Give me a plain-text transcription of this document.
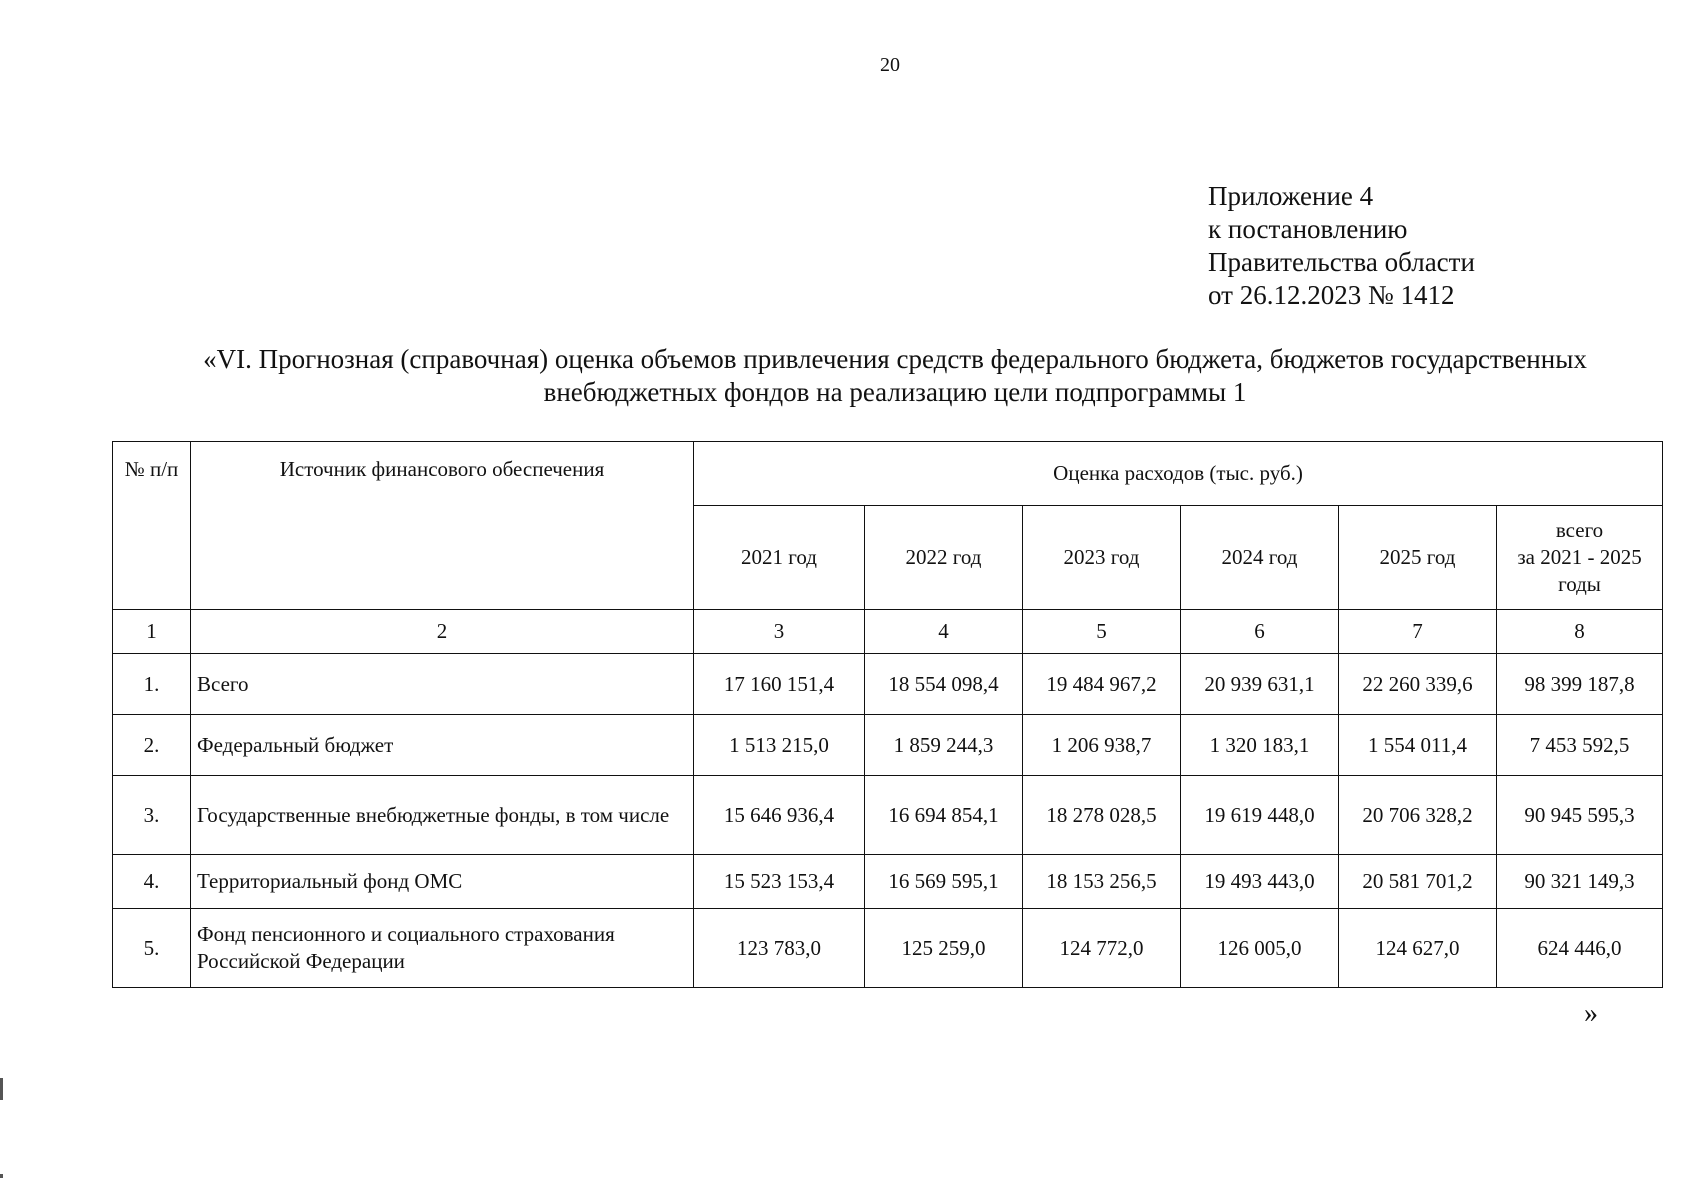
20
Приложение 4
к постановлению
Правительства области
от 26.12.2023 № 1412
«VI. Прогнозная (справочная) оценка объемов привлечения средств федерального бюджета, бюджетов государственных
внебюджетных фондов на реализацию цели подпрограммы 1
№ п/п	Источник финансового обеспечения	Оценка расходов (тыс. руб.)					
		2021 год	2022 год	2023 год	2024 год	2025 год	всего
за 2021 - 2025
годы

1	2	3	4	5	6	7	8
1.	Всего	17 160 151,4	18 554 098,4	19 484 967,2	20 939 631,1	22 260 339,6	98 399 187,8
2.	Федеральный бюджет	1 513 215,0	1 859 244,3	1 206 938,7	1 320 183,1	1 554 011,4	7 453 592,5
3.	Государственные внебюджетные фонды, в том числе	15 646 936,4	16 694 854,1	18 278 028,5	19 619 448,0	20 706 328,2	90 945 595,3
4.	Территориальный фонд ОМС	15 523 153,4	16 569 595,1	18 153 256,5	19 493 443,0	20 581 701,2	90 321 149,3
5.	Фонд пенсионного и социального страхования Российской Федерации	123 783,0	125 259,0	124 772,0	126 005,0	124 627,0	624 446,0
»
